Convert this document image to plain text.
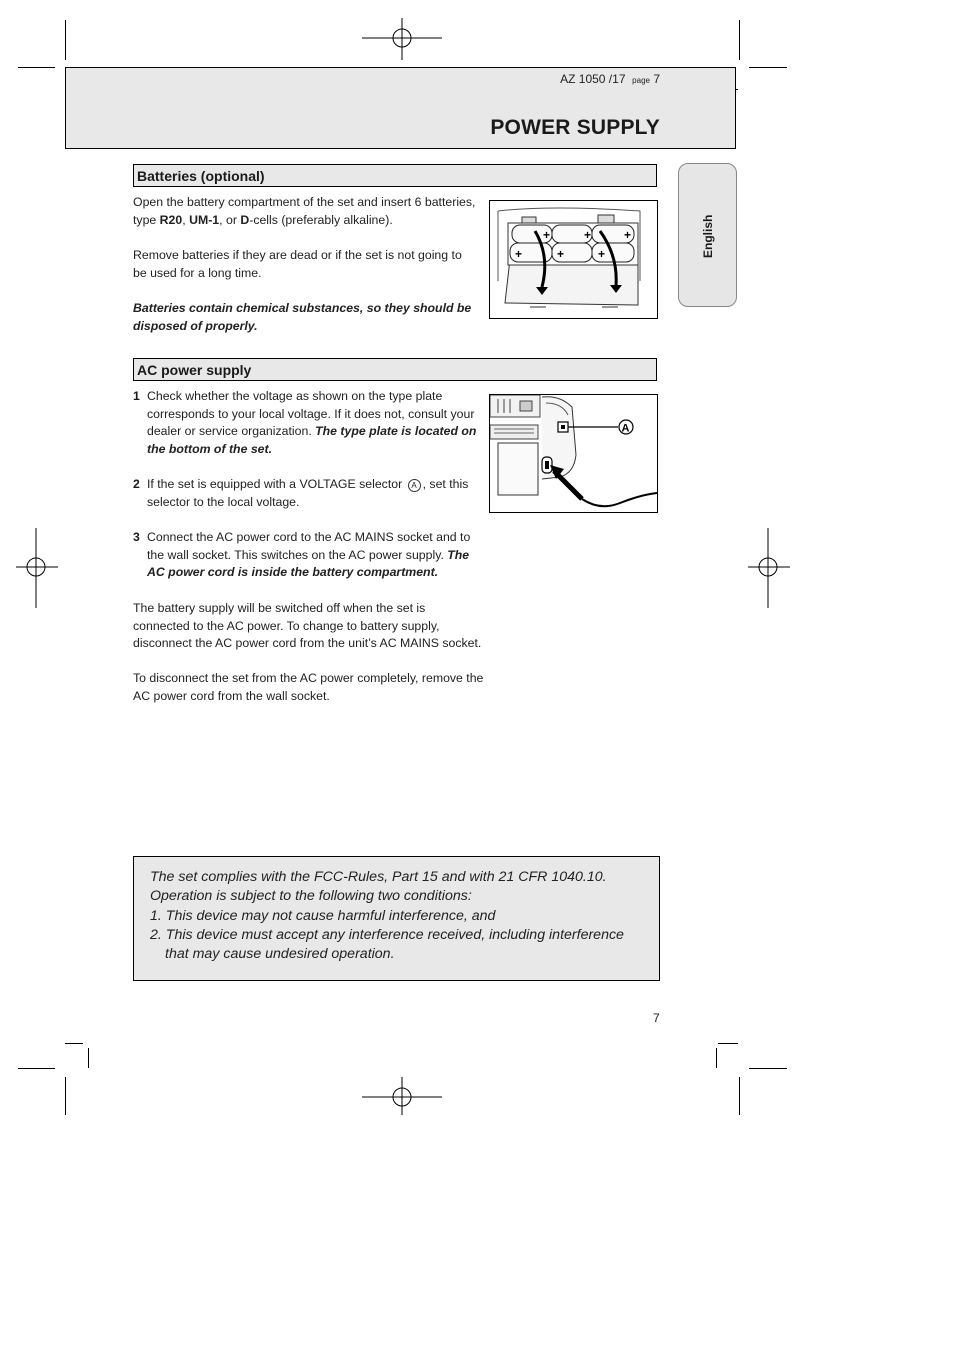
AZ 1050 /17 page 7
POWER SUPPLY
English
Batteries (optional)
Open the battery compartment of the set and insert 6 batteries, type R20, UM-1, or D-cells (preferably alkaline).
Remove batteries if they are dead or if the set is not going to be used for a long time.
Batteries contain chemical substances, so they should be disposed of properly.
+	+	+
+	+	+
AC power supply
1 Check whether the voltage as shown on the type plate corresponds to your local voltage. If it does not, consult your dealer or service organization. The type plate is located on the bottom of the set.
2 If the set is equipped with a VOLTAGE selector A , set this selector to the local voltage.
3 Connect the AC power cord to the AC MAINS socket and to the wall socket. This switches on the AC power supply. The AC power cord is inside the battery compartment.
The battery supply will be switched off when the set is connected to the AC power. To change to battery supply, disconnect the AC power cord from the unit’s AC MAINS socket.
To disconnect the set from the AC power completely, remove the AC power cord from the wall socket.
A
The set complies with the FCC-Rules, Part 15 and with 21 CFR 1040.10. Operation is subject to the following two conditions:
1. This device may not cause harmful interference, and
2. This device must accept any interference received, including interference that may cause undesired operation.
7
